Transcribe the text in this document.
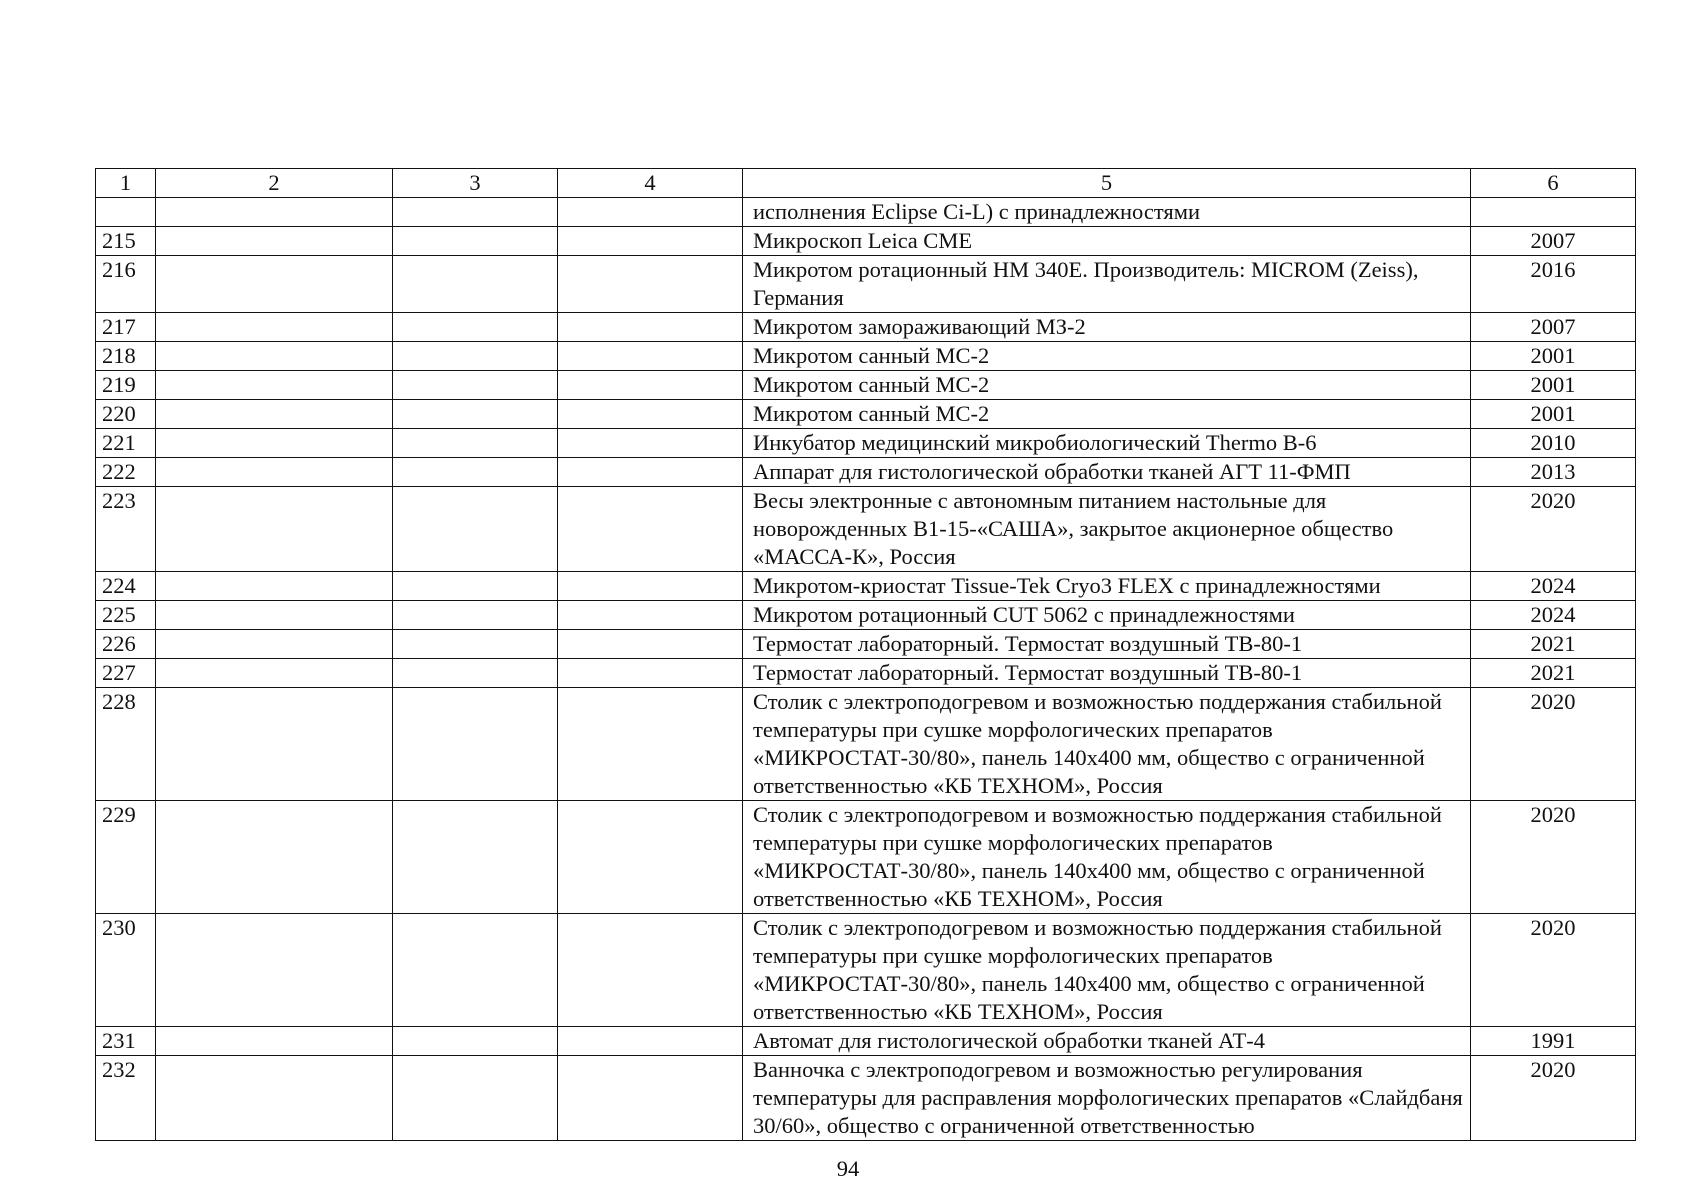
1	2	3	4	5	6
				исполнения Eclipse Ci-L) с принадлежностями	
215				Микроскоп Leica CME	2007
216				Микротом ротационный HM 340E. Производитель: MICROM (Zeiss), Германия	2016
217				Микротом замораживающий МЗ-2	2007
218				Микротом санный МС-2	2001
219				Микротом санный МС-2	2001
220				Микротом санный МС-2	2001
221				Инкубатор медицинский микробиологический Thermo B-6	2010
222				Аппарат для гистологической обработки тканей АГТ 11-ФМП	2013
223				Весы электронные с автономным питанием настольные для новорожденных В1-15-«САША», закрытое акционерное общество «МАССА-К», Россия	2020
224				Микротом-криостат Tissue-Tek Cryo3 FLEX с принадлежностями	2024
225				Микротом ротационный CUT 5062 с принадлежностями	2024
226				Термостат лабораторный. Термостат воздушный ТВ-80-1	2021
227				Термостат лабораторный. Термостат воздушный ТВ-80-1	2021
228				Столик с электроподогревом и возможностью поддержания стабильной температуры при сушке морфологических препаратов «МИКРОСТАТ-30/80», панель 140х400 мм, общество с ограниченной ответственностью «КБ ТЕХНОМ», Россия	2020
229				Столик с электроподогревом и возможностью поддержания стабильной температуры при сушке морфологических препаратов «МИКРОСТАТ-30/80», панель 140х400 мм, общество с ограниченной ответственностью «КБ ТЕХНОМ», Россия	2020
230				Столик с электроподогревом и возможностью поддержания стабильной температуры при сушке морфологических препаратов «МИКРОСТАТ-30/80», панель 140х400 мм, общество с ограниченной ответственностью «КБ ТЕХНОМ», Россия	2020
231				Автомат для гистологической обработки тканей АТ-4	1991
232				Ванночка с электроподогревом и возможностью регулирования температуры для расправления морфологических препаратов «Слайдбаня 30/60», общество с ограниченной ответственностью	2020
94
